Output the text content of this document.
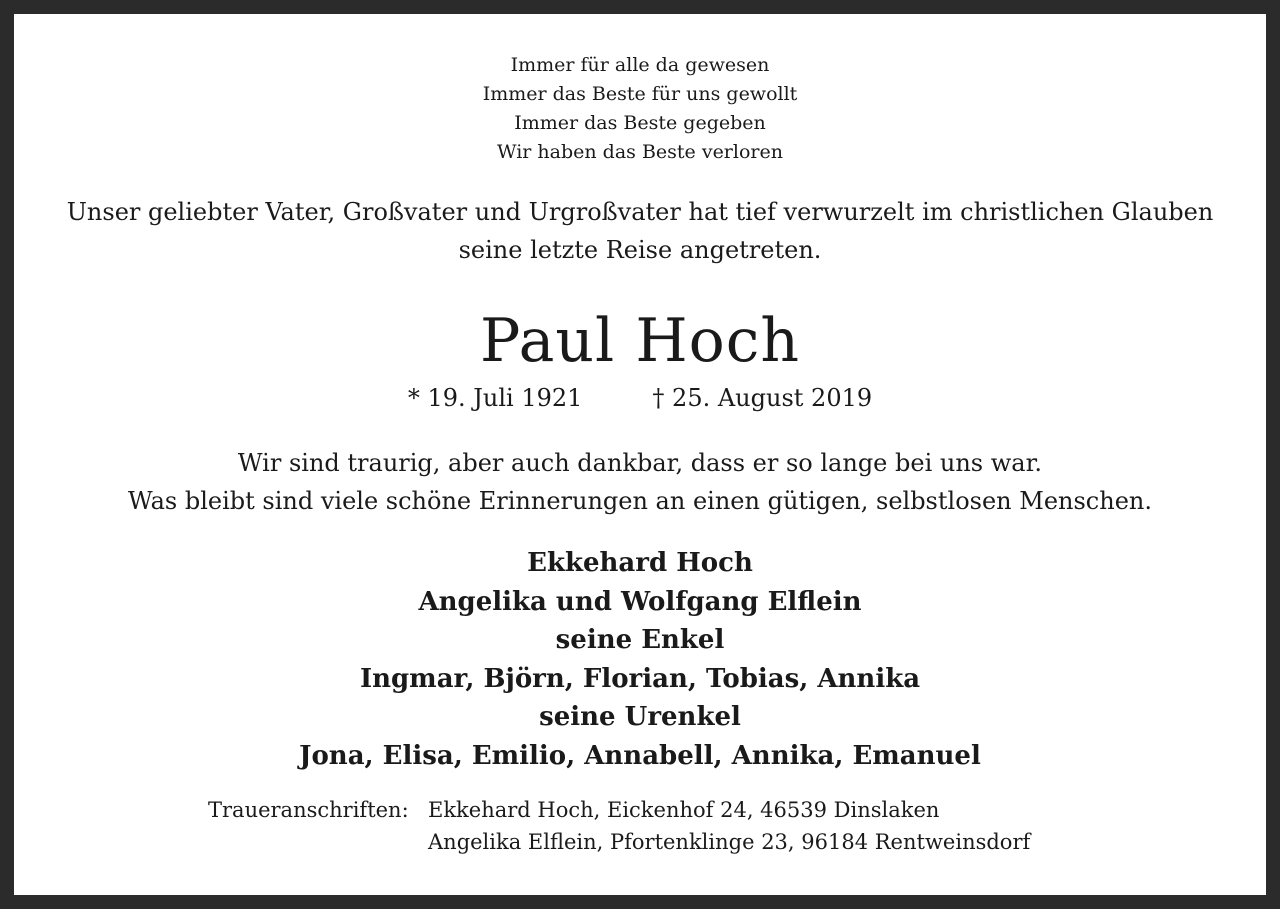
Immer für alle da gewesen
Immer das Beste für uns gewollt
Immer das Beste gegeben
Wir haben das Beste verloren
Unser geliebter Vater, Großvater und Urgroßvater hat tief verwurzelt im christlichen Glauben
seine letzte Reise angetreten.
Paul Hoch
* 19. Juli 1921	† 25. August 2019
Wir sind traurig, aber auch dankbar, dass er so lange bei uns war.
Was bleibt sind viele schöne Erinnerungen an einen gütigen, selbstlosen Menschen.
Ekkehard Hoch
Angelika und Wolfgang Elflein
seine Enkel
Ingmar, Björn, Florian, Tobias, Annika
seine Urenkel
Jona, Elisa, Emilio, Annabell, Annika, Emanuel
Traueranschriften: Ekkehard Hoch, Eickenhof 24, 46539 Dinslaken
Angelika Elflein, Pfortenklinge 23, 96184 Rentweinsdorf
